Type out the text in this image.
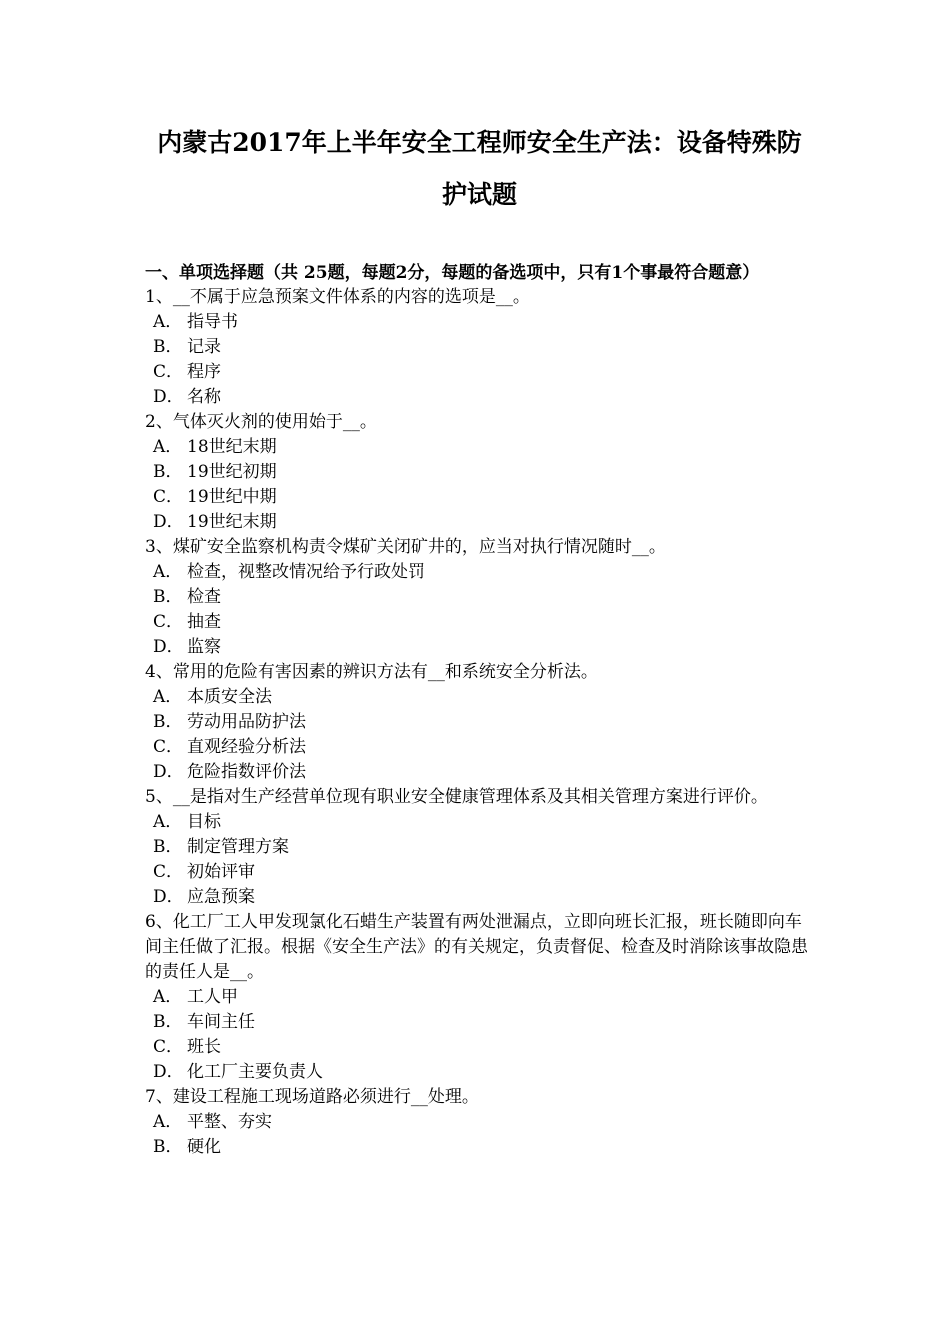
内蒙古2017年上半年安全工程师安全生产法：设备特殊防
护试题

一、单项选择题（共 25题，每题2分，每题的备选项中，只有1个事最符合题意）

1、__不属于应急预案文件体系的内容的选项是__。

A． 指导书
B． 记录
C． 程序
D． 名称

2、气体灭火剂的使用始于__。

A． 18世纪末期
B． 19世纪初期
C． 19世纪中期
D． 19世纪末期

3、煤矿安全监察机构责令煤矿关闭矿井的，应当对执行情况随时__。

A． 检查，视整改情况给予行政处罚
B． 检查
C． 抽查
D． 监察

4、常用的危险有害因素的辨识方法有__和系统安全分析法。

A． 本质安全法
B． 劳动用品防护法
C． 直观经验分析法
D． 危险指数评价法

5、__是指对生产经营单位现有职业安全健康管理体系及其相关管理方案进行评价。

A． 目标
B． 制定管理方案
C． 初始评审
D． 应急预案

6、化工厂工人甲发现氯化石蜡生产装置有两处泄漏点，立即向班长汇报，班长随即向车间主任做了汇报。根据《安全生产法》的有关规定，负责督促、检查及时消除该事故隐患的责任人是__。

A． 工人甲
B． 车间主任
C． 班长
D． 化工厂主要负责人

7、建设工程施工现场道路必须进行__处理。

A． 平整、夯实
B． 硬化
